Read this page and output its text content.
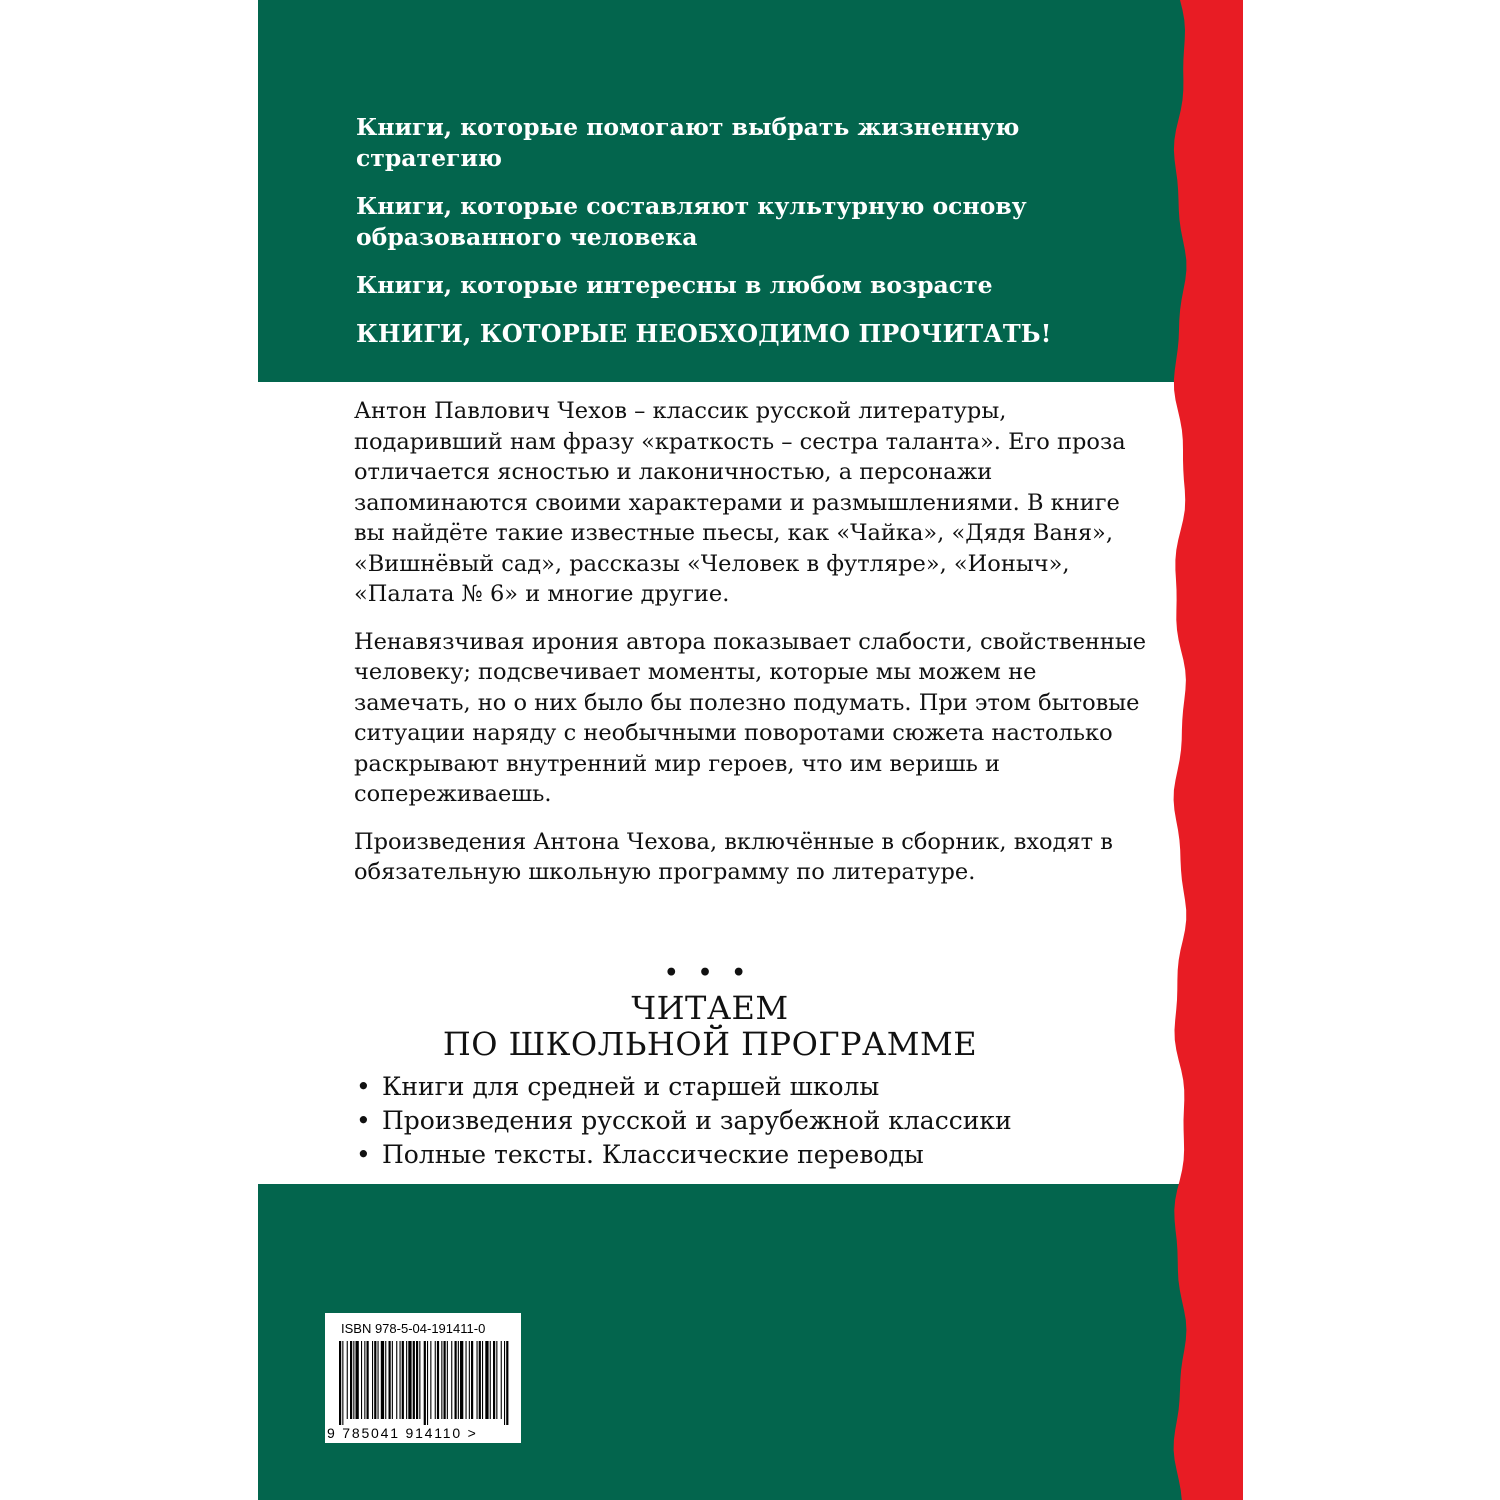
Книги, которые помогают выбрать жизненную стратегию

Книги, которые составляют культурную основу образованного человека

Книги, которые интересны в любом возрасте

КНИГИ, КОТОРЫЕ НЕОБХОДИМО ПРОЧИТАТЬ!

Антон Павлович Чехов – классик русской литературы, подаривший нам фразу «краткость – сестра таланта». Его проза отличается ясностью и лаконичностью, а персонажи запоминаются своими характерами и размышлениями. В книге вы найдёте такие известные пьесы, как «Чайка», «Дядя Ваня», «Вишнёвый сад», рассказы «Человек в футляре», «Ионыч», «Палата № 6» и многие другие.

Ненавязчивая ирония автора показывает слабости, свойственные человеку; подсвечивает моменты, которые мы можем не замечать, но о них было бы полезно подумать. При этом бытовые ситуации наряду с необычными поворотами сюжета настолько раскрывают внутренний мир героев, что им веришь и сопереживаешь.

Произведения Антона Чехова, включённые в сборник, входят в обязательную школьную программу по литературе.

• • •
ЧИТАЕМ
ПО ШКОЛЬНОЙ ПРОГРАММЕ
• Книги для средней и старшей школы
• Произведения русской и зарубежной классики
• Полные тексты. Классические переводы
ISBN 978-5-04-191411-0
9 785041 914110 >
